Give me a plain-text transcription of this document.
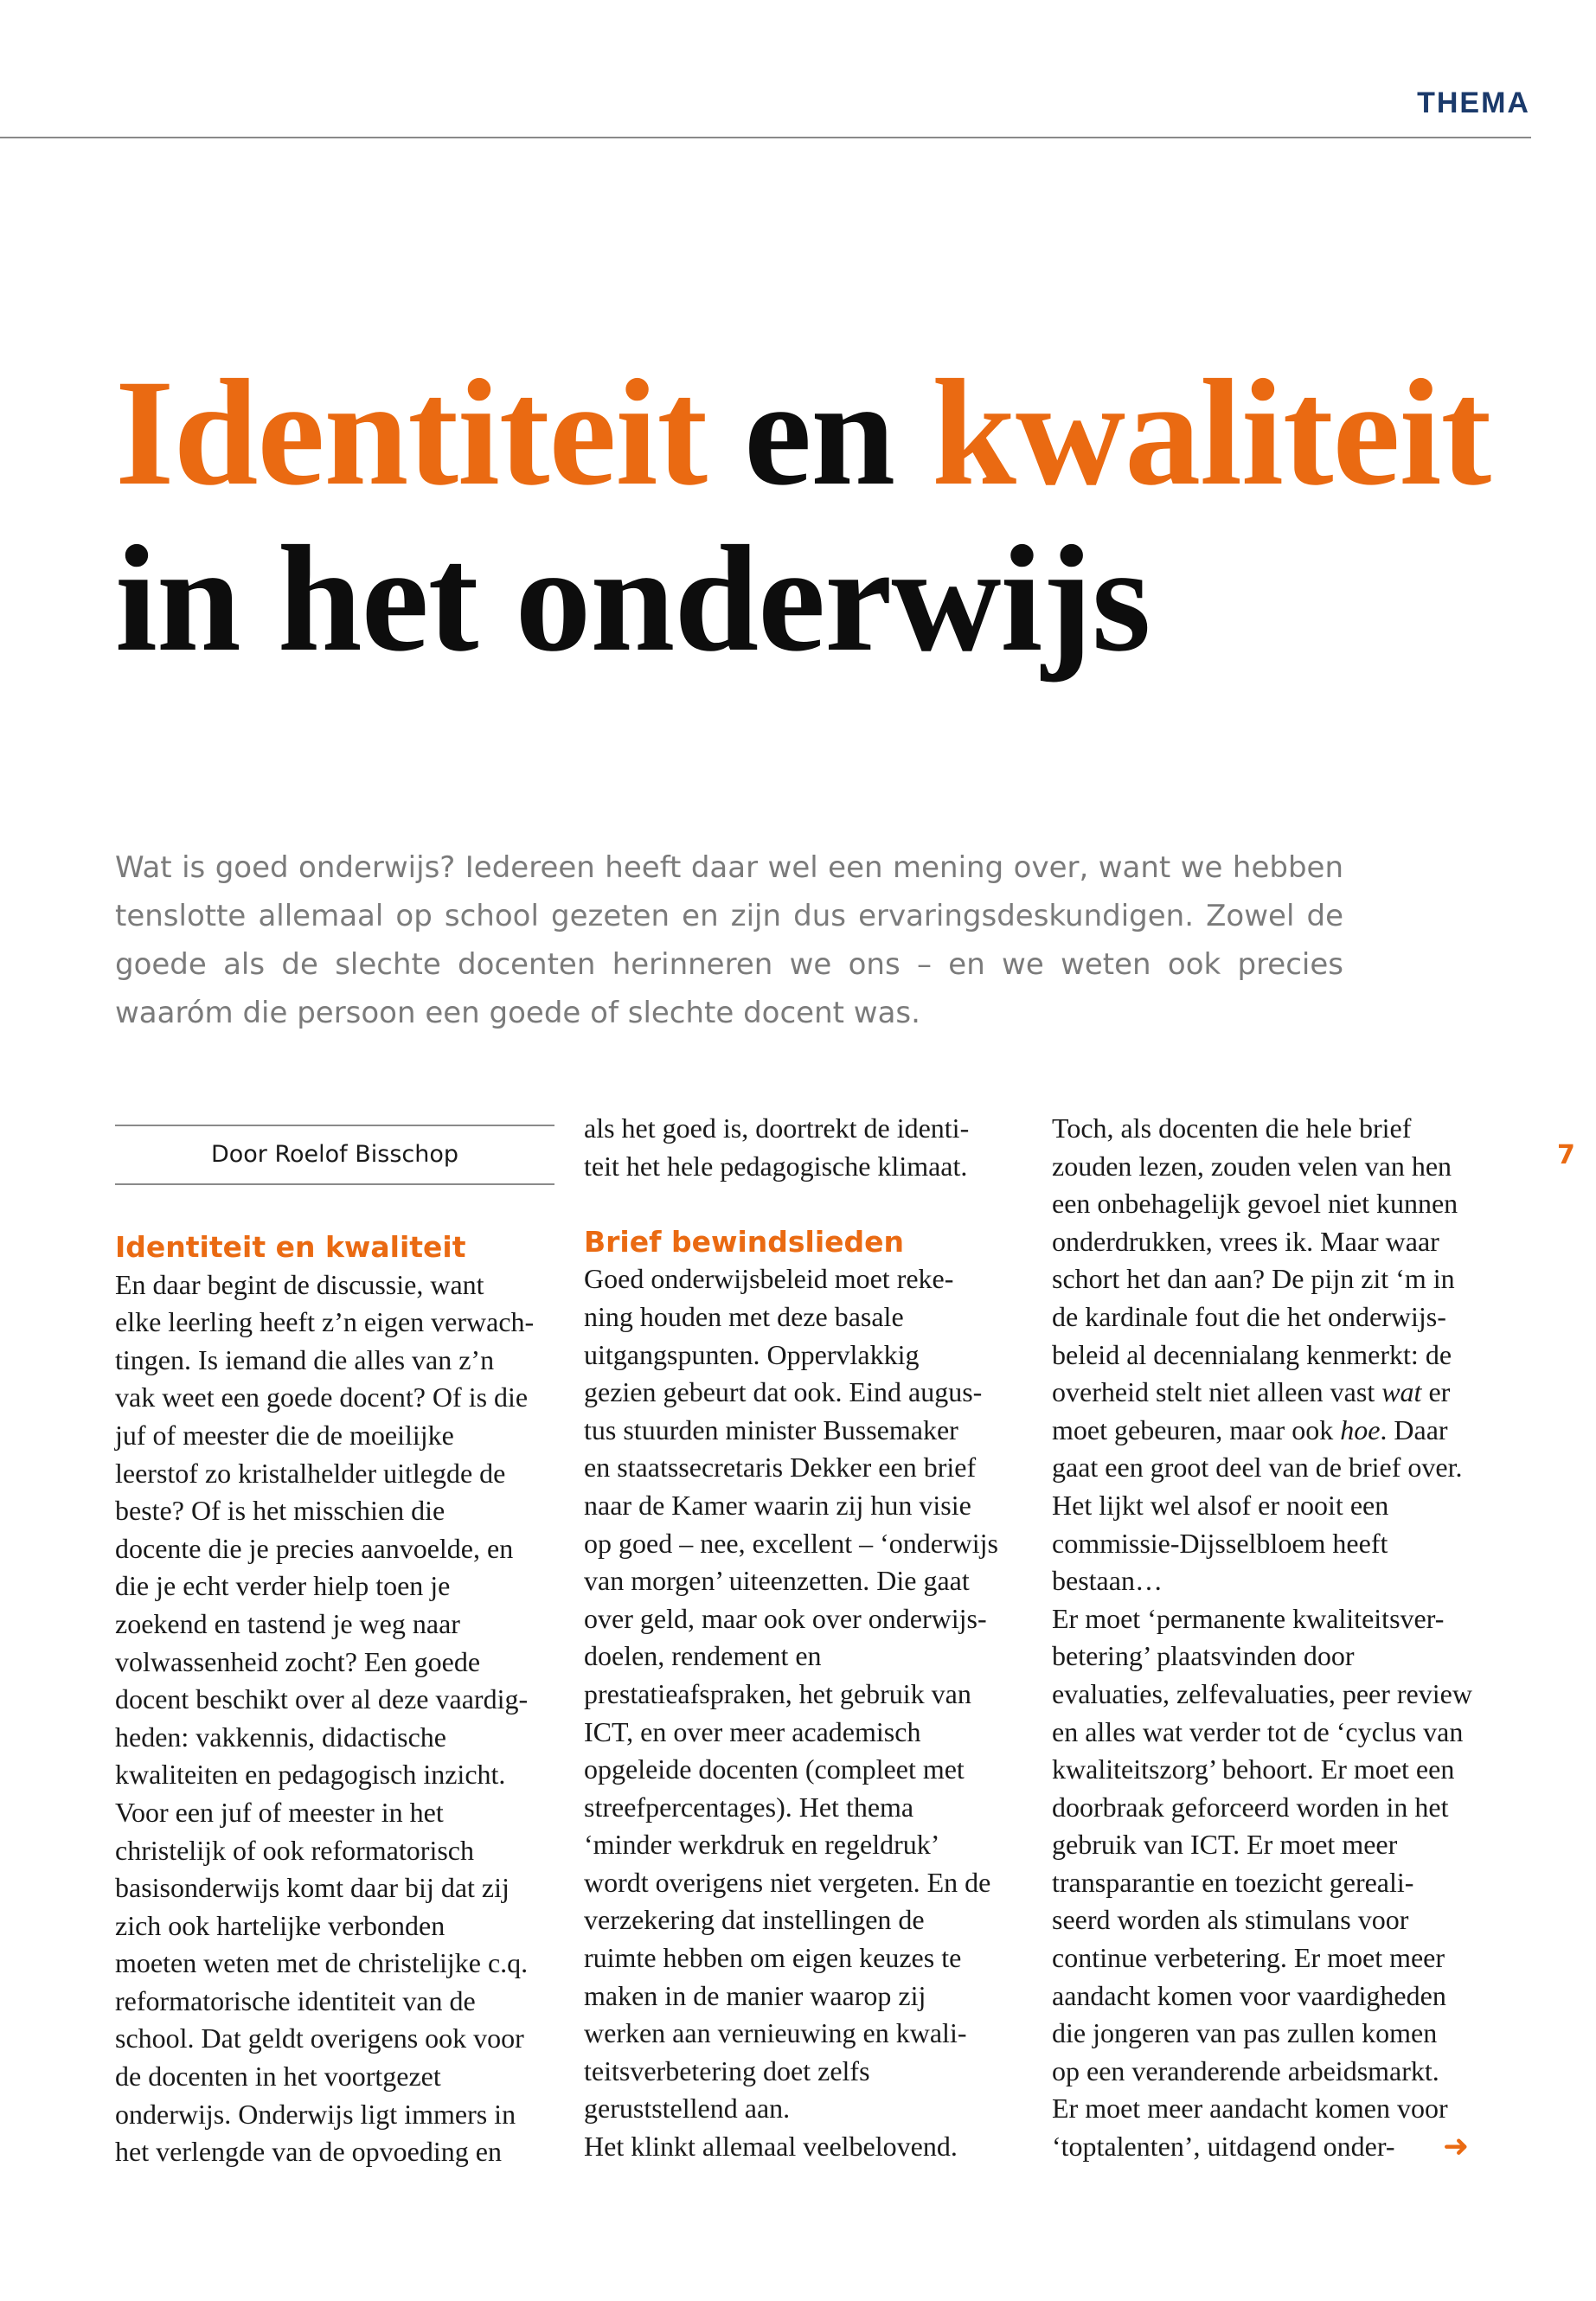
THEMA
Identiteit en kwaliteit
in het onderwijs

Wat is goed onderwijs? Iedereen heeft daar wel een mening over, want we hebben tenslotte allemaal op school gezeten en zijn dus ervaringsdeskundigen. Zowel de goede als de slechte docenten herinneren we ons – en we weten ook precies waaróm die persoon een goede of slechte docent was.

Door Roelof Bisschop
Identiteit en kwaliteit

En daar begint de discussie, want
elke leerling heeft z’n eigen verwach-
tingen. Is iemand die alles van z’n
vak weet een goede docent? Of is die
juf of meester die de moeilijke
leerstof zo kristalhelder uitlegde de
beste? Of is het misschien die
docente die je precies aanvoelde, en
die je echt verder hielp toen je
zoekend en tastend je weg naar
volwassenheid zocht? Een goede
docent beschikt over al deze vaardig-
heden: vakkennis, didactische
kwaliteiten en pedagogisch inzicht.
Voor een juf of meester in het
christelijk of ook reformatorisch
basisonderwijs komt daar bij dat zij
zich ook hartelijke verbonden
moeten weten met de christelijke c.q.
reformatorische identiteit van de
school. Dat geldt overigens ook voor
de docenten in het voortgezet
onderwijs. Onderwijs ligt immers in
het verlengde van de opvoeding en

als het goed is, doortrekt de identi-
teit het hele pedagogische klimaat.

Brief bewindslieden

Goed onderwijsbeleid moet reke-
ning houden met deze basale
uitgangspunten. Oppervlakkig
gezien gebeurt dat ook. Eind augus-
tus stuurden minister Bussemaker
en staatssecretaris Dekker een brief
naar de Kamer waarin zij hun visie
op goed – nee, excellent – ‘onderwijs
van morgen’ uiteenzetten. Die gaat
over geld, maar ook over onderwijs-
doelen, rendement en
prestatieafspraken, het gebruik van
ICT, en over meer academisch
opgeleide docenten (compleet met
streefpercentages). Het thema
‘minder werkdruk en regeldruk’
wordt overigens niet vergeten. En de
verzekering dat instellingen de
ruimte hebben om eigen keuzes te
maken in de manier waarop zij
werken aan vernieuwing en kwali-
teitsverbetering doet zelfs
geruststellend aan.
Het klinkt allemaal veelbelovend.

Toch, als docenten die hele brief
zouden lezen, zouden velen van hen
een onbehagelijk gevoel niet kunnen
onderdrukken, vrees ik. Maar waar
schort het dan aan? De pijn zit ‘m in
de kardinale fout die het onderwijs-
beleid al decennialang kenmerkt: de
overheid stelt niet alleen vast wat er
moet gebeuren, maar ook hoe. Daar
gaat een groot deel van de brief over.
Het lijkt wel alsof er nooit een
commissie-Dijsselbloem heeft
bestaan…
Er moet ‘permanente kwaliteitsver-
betering’ plaatsvinden door
evaluaties, zelfevaluaties, peer review
en alles wat verder tot de ‘cyclus van
kwaliteitszorg’ behoort. Er moet een
doorbraak geforceerd worden in het
gebruik van ICT. Er moet meer
transparantie en toezicht gereali-
seerd worden als stimulans voor
continue verbetering. Er moet meer
aandacht komen voor vaardigheden
die jongeren van pas zullen komen
op een veranderende arbeidsmarkt.
Er moet meer aandacht komen voor
‘toptalenten’, uitdagend onder-

7
➜
